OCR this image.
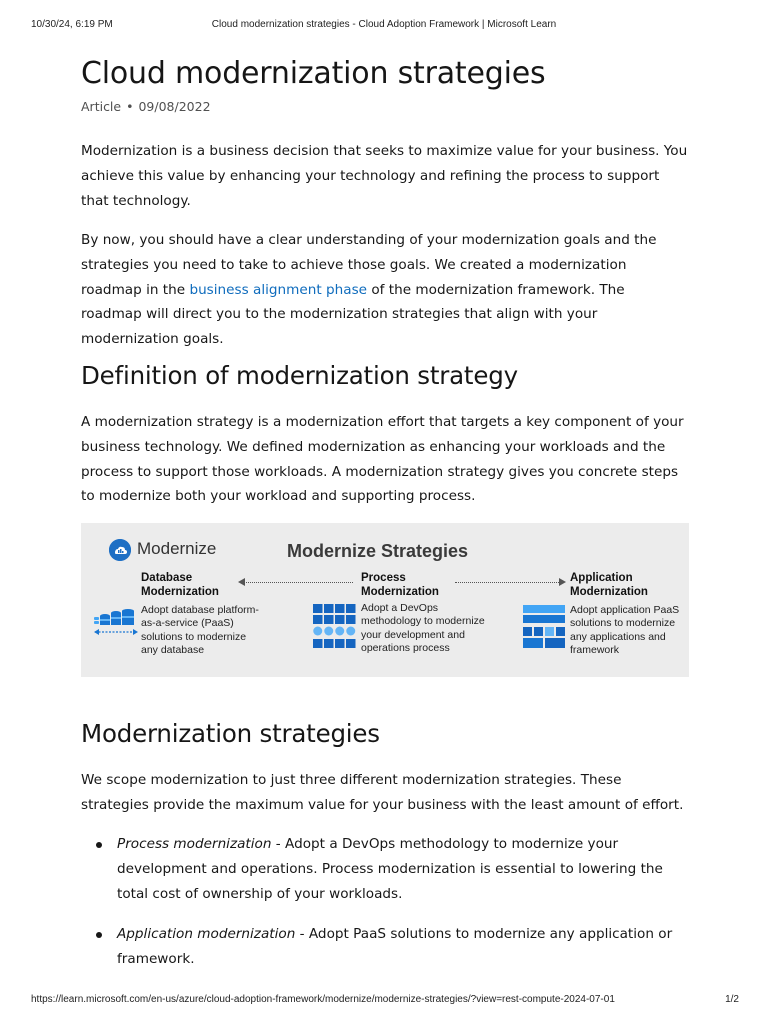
10/30/24, 6:19 PM	Cloud modernization strategies - Cloud Adoption Framework | Microsoft Learn
Cloud modernization strategies
Article • 09/08/2022

Modernization is a business decision that seeks to maximize value for your business. You achieve this value by enhancing your technology and refining the process to support that technology.

By now, you should have a clear understanding of your modernization goals and the strategies you need to take to achieve those goals. We created a modernization roadmap in the business alignment phase of the modernization framework. The roadmap will direct you to the modernization strategies that align with your modernization goals.

Definition of modernization strategy

A modernization strategy is a modernization effort that targets a key component of your business technology. We defined modernization as enhancing your workloads and the process to support those workloads. A modernization strategy gives you concrete steps to modernize both your workload and supporting process.

Modernize	Modernize Strategies
Database
Modernization
Adopt database platform-
as-a-service (PaaS)
solutions to modernize
any database
Process
Modernization
Adopt a DevOps
methodology to modernize
your development and
operations process
Application
Modernization
Adopt application PaaS
solutions to modernize
any applications and
framework
Modernization strategies

We scope modernization to just three different modernization strategies. These strategies provide the maximum value for your business with the least amount of effort.

Process modernization - Adopt a DevOps methodology to modernize your development and operations. Process modernization is essential to lowering the total cost of ownership of your workloads.
Application modernization - Adopt PaaS solutions to modernize any application or framework.
https://learn.microsoft.com/en-us/azure/cloud-adoption-framework/modernize/modernize-strategies/?view=rest-compute-2024-07-01	1/2
